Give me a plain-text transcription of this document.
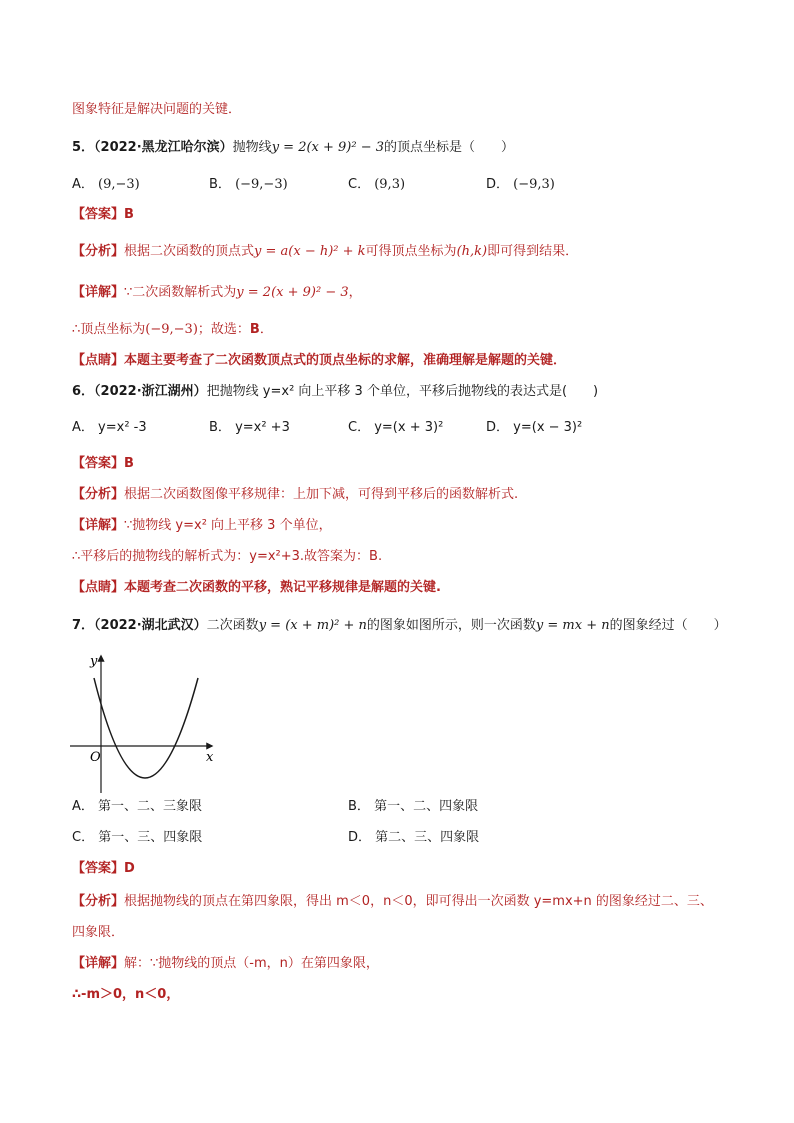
图象特征是解决问题的关键．
5．（2022·黑龙江哈尔滨）抛物线y = 2(x + 9)² − 3的顶点坐标是（　　）
A． (9,−3)	B． (−9,−3)	C． (9,3)	D． (−9,3)
【答案】B
【分析】根据二次函数的顶点式y = a(x − h)² + k可得顶点坐标为(h,k)即可得到结果．
【详解】∵二次函数解析式为y = 2(x + 9)² − 3，
∴顶点坐标为(−9,−3)；故选：B．
【点睛】本题主要考查了二次函数顶点式的顶点坐标的求解，准确理解是解题的关键．
6．（2022·浙江湖州）把抛物线 y=x² 向上平移 3 个单位，平移后抛物线的表达式是(　　)
A． y=x² -3	B． y=x² +3	C． y=(x + 3)²	D． y=(x − 3)²
【答案】B
【分析】根据二次函数图像平移规律：上加下减，可得到平移后的函数解析式.
【详解】∵抛物线 y=x² 向上平移 3 个单位，
∴平移后的抛物线的解析式为：y=x²+3.故答案为：B.
【点睛】本题考查二次函数的平移，熟记平移规律是解题的关键.
7．（2022·湖北武汉）二次函数y = (x + m)² + n的图象如图所示，则一次函数y = mx + n的图象经过（　　）
y
x
O
A． 第一、二、三象限	B． 第一、二、四象限
C． 第一、三、四象限	D． 第二、三、四象限
【答案】D
【分析】根据抛物线的顶点在第四象限，得出 m＜0，n＜0，即可得出一次函数 y=mx+n 的图象经过二、三、
四象限．
【详解】解：∵抛物线的顶点（-m，n）在第四象限，
∴-m＞0，n＜0，
